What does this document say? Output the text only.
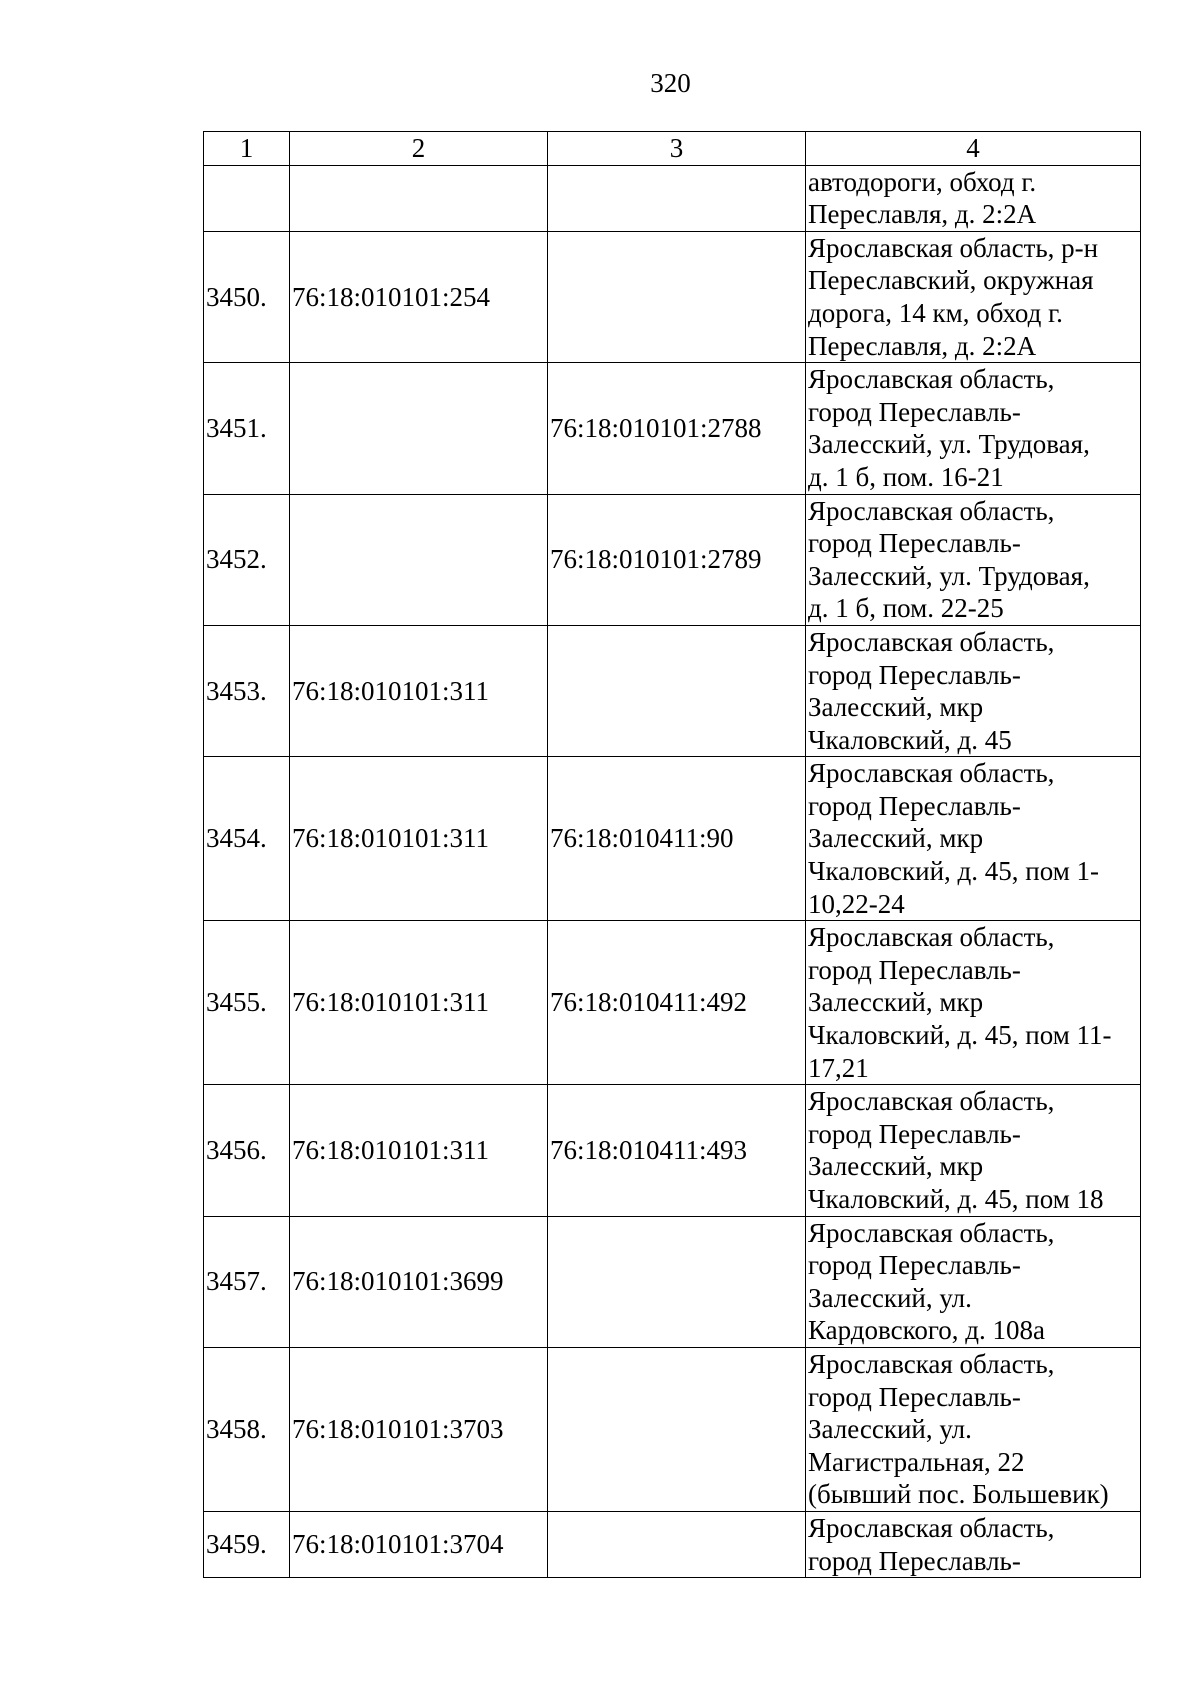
320
1	2	3	4

			автодороги, обход г.
Переславля, д. 2:2А

3450.	76:18:010101:254		Ярославская область, р-н
Переславский, окружная
дорога, 14 км, обход г.
Переславля, д. 2:2А

3451.		76:18:010101:2788	Ярославская область,
город Переславль-
Залесский, ул. Трудовая,
д. 1 б, пом. 16-21

3452.		76:18:010101:2789	Ярославская область,
город Переславль-
Залесский, ул. Трудовая,
д. 1 б, пом. 22-25

3453.	76:18:010101:311		Ярославская область,
город Переславль-
Залесский, мкр
Чкаловский, д. 45

3454.	76:18:010101:311	76:18:010411:90	Ярославская область,
город Переславль-
Залесский, мкр
Чкаловский, д. 45, пом 1-
10,22-24

3455.	76:18:010101:311	76:18:010411:492	Ярославская область,
город Переславль-
Залесский, мкр
Чкаловский, д. 45, пом 11-
17,21

3456.	76:18:010101:311	76:18:010411:493	Ярославская область,
город Переславль-
Залесский, мкр
Чкаловский, д. 45, пом 18

3457.	76:18:010101:3699		Ярославская область,
город Переславль-
Залесский, ул.
Кардовского, д. 108а

3458.	76:18:010101:3703		Ярославская область,
город Переславль-
Залесский, ул.
Магистральная, 22
(бывший пос. Большевик)

3459.	76:18:010101:3704		Ярославская область,
город Переславль-
